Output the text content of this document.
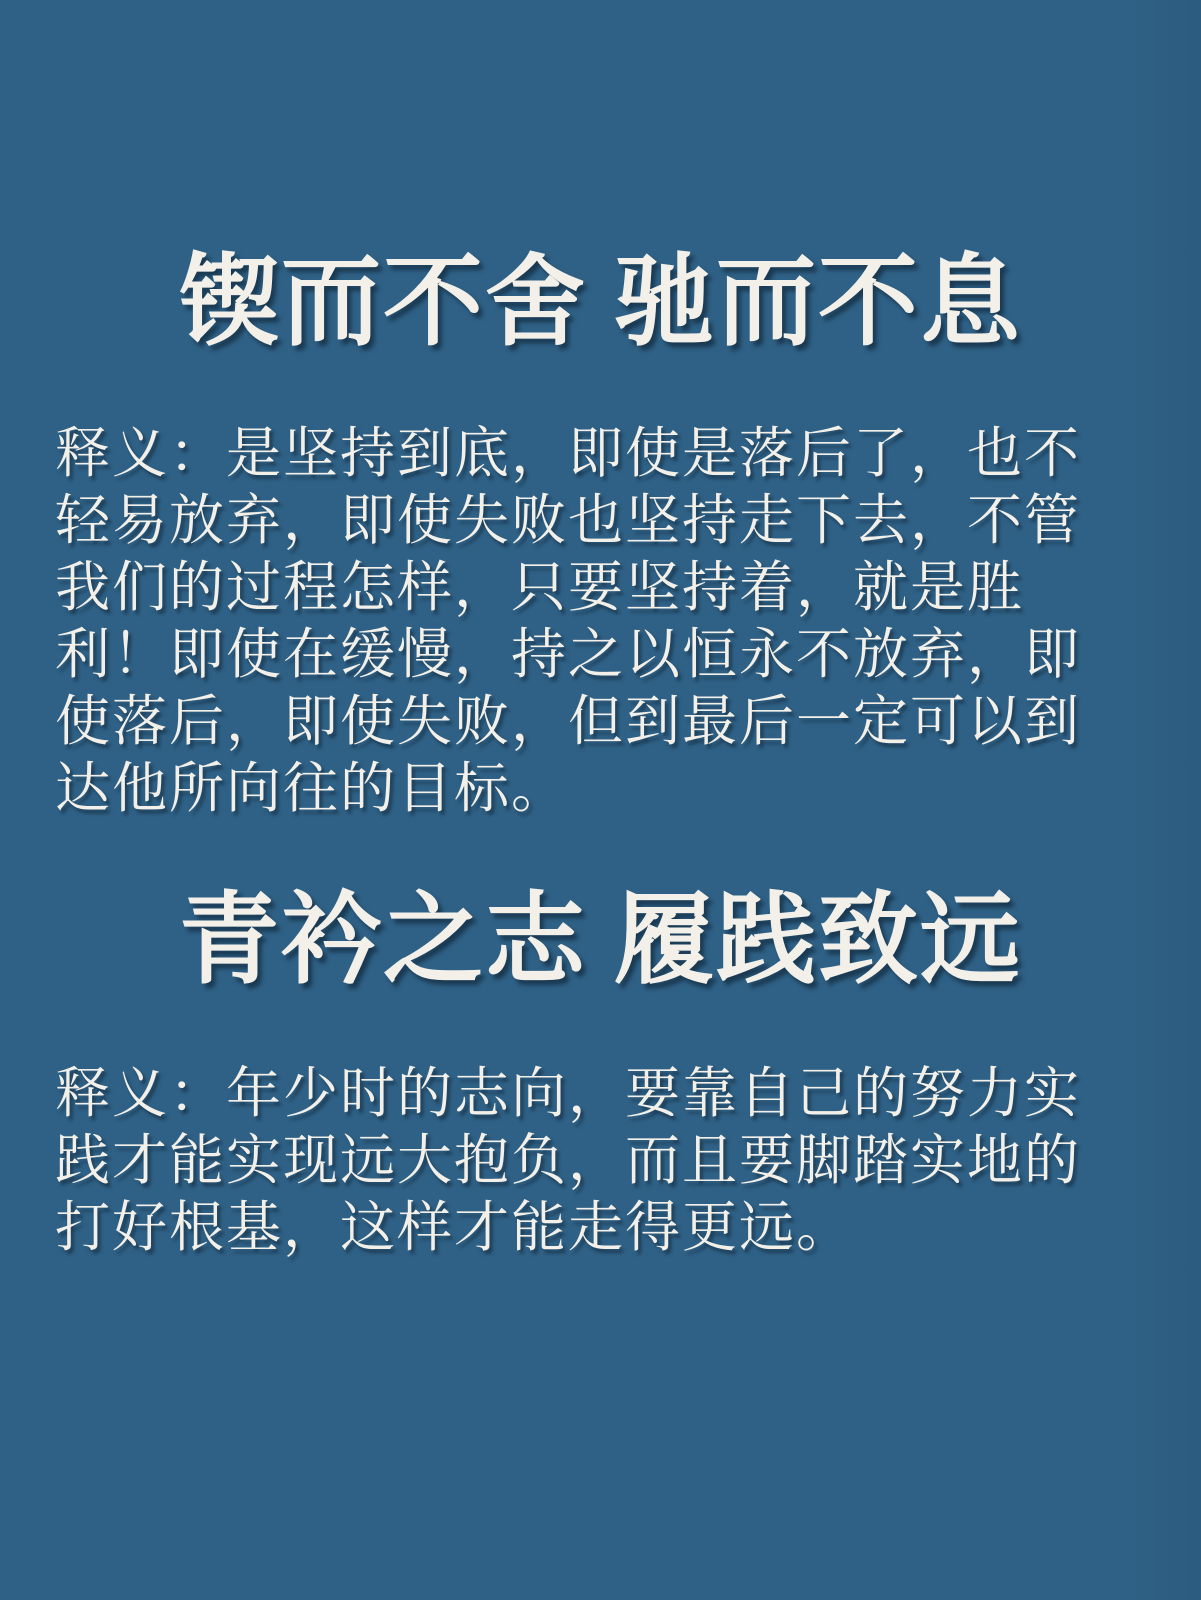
锲而不舍 驰而不息
释义：是坚持到底，即使是落后了，也不
轻易放弃，即使失败也坚持走下去，不管
我们的过程怎样，只要坚持着，就是胜
利！即使在缓慢，持之以恒永不放弃，即
使落后，即使失败，但到最后一定可以到
达他所向往的目标。
青衿之志 履践致远
释义：年少时的志向，要靠自己的努力实
践才能实现远大抱负，而且要脚踏实地的
打好根基，这样才能走得更远。
